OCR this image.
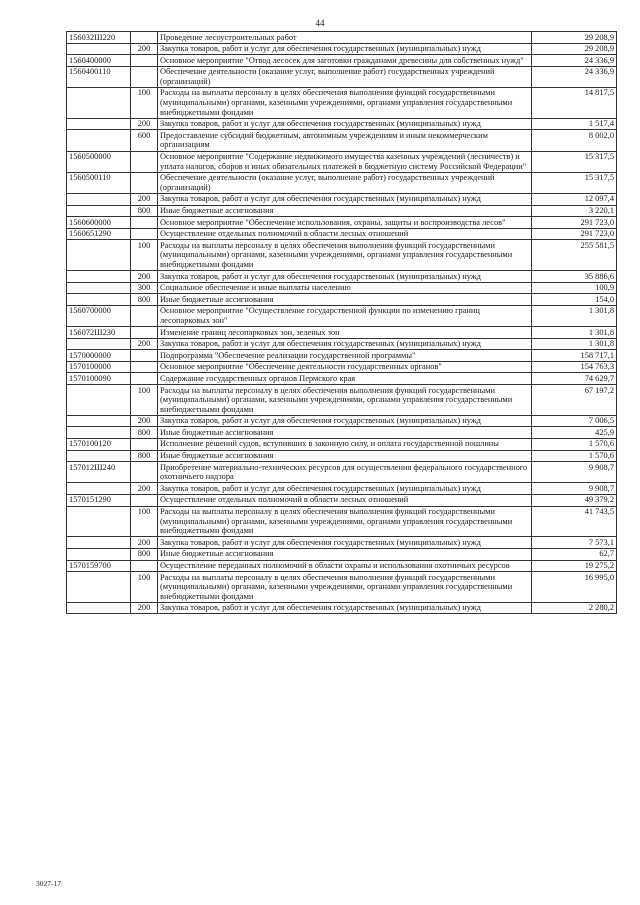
44
156032Ш220		Проведение лесоустроительных работ	29 208,9
	200	Закупка товаров, работ и услуг для обеспечения государственных (муниципальных) нужд	29 208,9
1560400000		Основное мероприятие "Отвод лесосек для заготовки гражданами древесины для собственных нужд"	24 336,9
1560400110		Обеспечение деятельности (оказание услуг, выполнение работ) государственных учреждений (организаций)	24 336,9
	100	Расходы на выплаты персоналу в целях обеспечения выполнения функций государственными (муниципальными) органами, казенными учреждениями, органами управления государственными внебюджетными фондами	14 817,5
	200	Закупка товаров, работ и услуг для обеспечения государственных (муниципальных) нужд	1 517,4
	600	Предоставление субсидий бюджетным, автономным учреждениям и иным некоммерческим организациям	8 002,0
1560500000		Основное мероприятие "Содержание недвижимого имущества казенных учреждений (лесничеств) и уплата налогов, сборов и иных обязательных платежей в бюджетную систему Российской Федерации"	15 317,5
1560500110		Обеспечение деятельности (оказание услуг, выполнение работ) государственных учреждений (организаций)	15 317,5
	200	Закупка товаров, работ и услуг для обеспечения государственных (муниципальных) нужд	12 097,4
	800	Иные бюджетные ассигнования	3 220,1
1560600000		Основное мероприятие "Обеспечение использования, охраны, защиты и воспроизводства лесов"	291 723,0
1560651290		Осуществление отдельных полномочий в области лесных отношений	291 723,0
	100	Расходы на выплаты персоналу в целях обеспечения выполнения функций государственными (муниципальными) органами, казенными учреждениями, органами управления государственными внебюджетными фондами	255 581,5
	200	Закупка товаров, работ и услуг для обеспечения государственных (муниципальных) нужд	35 886,6
	300	Социальное обеспечение и иные выплаты населению	100,9
	800	Иные бюджетные ассигнования	154,0
1560700000		Основное мероприятие "Осуществление государственной функции по изменению границ лесопарковых зон"	1 301,8
156072Ш230		Изменение границ лесопарковых зон, зеленых зон	1 301,8
	200	Закупка товаров, работ и услуг для обеспечения государственных (муниципальных) нужд	1 301,8
1570000000		Подпрограмма "Обеспечение реализации государственной программы"	158 717,1
1570100000		Основное мероприятие "Обеспечение деятельности государственных органов"	154 763,3
1570100090		Содержание государственных органов Пермского края	74 629,7
	100	Расходы на выплаты персоналу в целях обеспечения выполнения функций государственными (муниципальными) органами, казенными учреждениями, органами управления государственными внебюджетными фондами	67 197,2
	200	Закупка товаров, работ и услуг для обеспечения государственных (муниципальных) нужд	7 006,5
	800	Иные бюджетные ассигнования	425,9
1570100120		Исполнение решений судов, вступивших в законную силу, и оплата государственной пошлины	1 570,6
	800	Иные бюджетные ассигнования	1 570,6
157012Ш240		Приобретение материально-технических ресурсов для осуществления федерального государственного охотничьего надзора	9 908,7
	200	Закупка товаров, работ и услуг для обеспечения государственных (муниципальных) нужд	9 908,7
1570151290		Осуществление отдельных полномочий в области лесных отношений	49 379,2
	100	Расходы на выплаты персоналу в целях обеспечения выполнения функций государственными (муниципальными) органами, казенными учреждениями, органами управления государственными внебюджетными фондами	41 743,5
	200	Закупка товаров, работ и услуг для обеспечения государственных (муниципальных) нужд	7 573,1
	800	Иные бюджетные ассигнования	62,7
1570159700		Осуществление переданных полномочий в области охраны и использования охотничьих ресурсов	19 275,2
	100	Расходы на выплаты персоналу в целях обеспечения выполнения функций государственными (муниципальными) органами, казенными учреждениями, органами управления государственными внебюджетными фондами	16 995,0
	200	Закупка товаров, работ и услуг для обеспечения государственных (муниципальных) нужд	2 280,2
3027-17
